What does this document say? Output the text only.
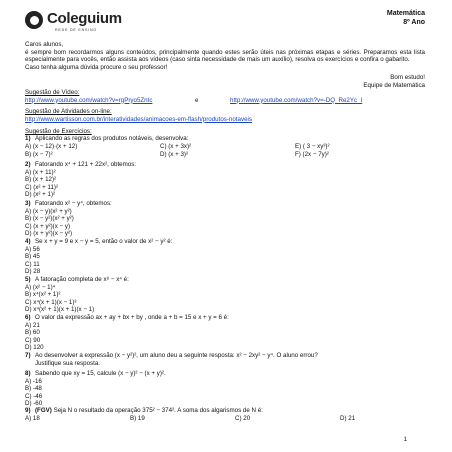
Coleguium
REDE DE ENSINO
Matemática
8º Ano

Caros alunos,

é sempre bom recordarmos alguns conteúdos, principalmente quando estes serão úteis nas próximas etapas e séries. Preparamos esta lista especialmente para vocês, então assista aos vídeos (caso sinta necessidade de mais um auxílio), resolva os exercícios e confira o gabarito.

Caso tenha alguma dúvida procure o seu professor!

Bom estudo!
Equipe de Matemática
Sugestão de Vídeo:
http://www.youtube.com/watch?v=rgPryo5Zntc	e	http://www.youtube.com/watch?v=-DQ_Re2Yc_I
Sugestão de Atividades on-line:
http://www.wartisson.com.br/interatividades/animacoes-em-flash/produtos-notaveis
Sugestão de Exercícios:
1) Aplicando as regras dos produtos notáveis, desenvolva:
A) (x − 12)·(x + 12)	C) (x + 3x)²	E) ( 3 − xy³)²
B) (x − 7)²	D) (x + 3)²	F) (2x − 7y)²
2) Fatorando x⁴ + 121 + 22x², obtemos:
A) (x + 11)²
B) (x + 12)²
C) (x² + 11)²
D) (x² + 1)²
3) Fatorando x² − y⁴, obtemos:
A) (x − y)(x² + y²)
B) (x − y²)(x² + y²)
C) (x + y²)(x − y)
D) (x + y²)(x − y²)
4) Se x + y = 9 e x − y = 5, então o valor de x² − y² é:
A) 56
B) 45
C) 11
D) 28
5) A fatoração completa de x⁸ − x⁴ é:
A) (x² − 1)⁴
B) x⁴(x² + 1)²
C) x⁴(x + 1)(x − 1)³
D) x⁴(x² + 1)(x + 1)(x − 1)
6) O valor da expressão ax + ay + bx + by , onde a + b = 15 e x + y = 6 é:
A) 21
B) 60
C) 90
D) 120
7) Ao desenvolver a expressão (x − y²)², um aluno deu a seguinte resposta: x² − 2xy² − y⁴. O aluno errou?
Justifique sua resposta.
8) Sabendo que xy = 15, calcule (x − y)² − (x + y)².
A) -16
B) -48
C) -46
D) -60
9) (FGV) Seja N o resultado da operação 375² − 374². A soma dos algarismos de N é:
A) 18	B) 19	C) 20	D) 21
1
